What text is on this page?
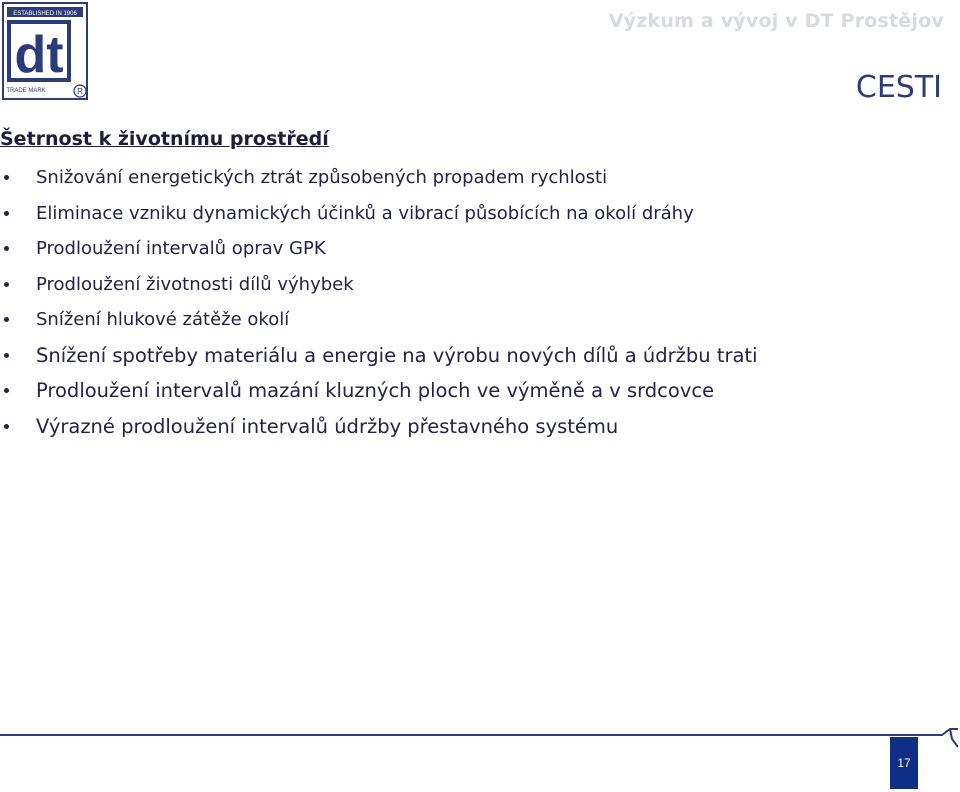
ESTABLISHED IN 1906
dt
TRADE MARK	R
Výzkum a vývoj v DT Prostějov
CESTI
Šetrnost k životnímu prostředí
Snižování energetických ztrát způsobených propadem rychlosti
Eliminace vzniku dynamických účinků a vibrací působících na okolí dráhy
Prodloužení intervalů oprav GPK
Prodloužení životnosti dílů výhybek
Snížení hlukové zátěže okolí
Snížení spotřeby materiálu a energie na výrobu nových dílů a údržbu trati
Prodloužení intervalů mazání kluzných ploch ve výměně a v srdcovce
Výrazné prodloužení intervalů údržby přestavného systému
17
